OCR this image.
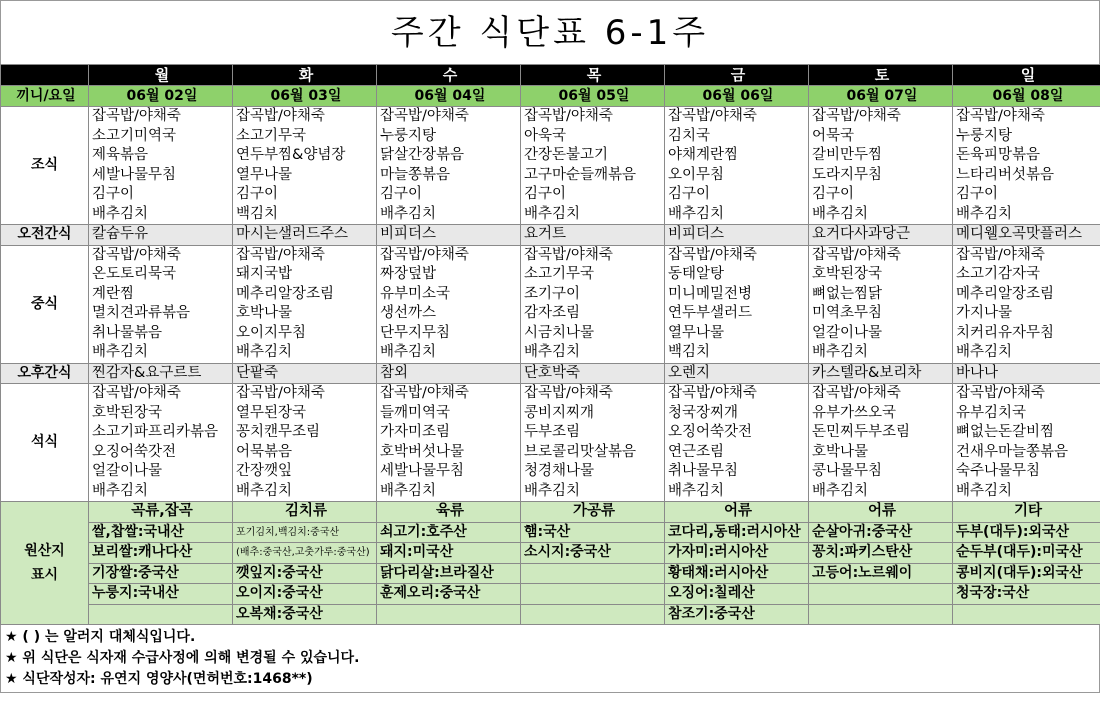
주간 식단표 6-1주
	월	화	수	목	금	토	일
끼니/요일	06월 02일	06월 03일	06월 04일	06월 05일	06월 06일	06월 07일	06월 08일
조식	잡곡밥/야채죽	잡곡밥/야채죽	잡곡밥/야채죽	잡곡밥/야채죽	잡곡밥/야채죽	잡곡밥/야채죽	잡곡밥/야채죽
	소고기미역국	소고기무국	누룽지탕	아욱국	김치국	어묵국	누룽지탕
	제육볶음	연두부찜&양념장	닭살간장볶음	간장돈불고기	야채계란찜	갈비만두찜	돈육피망볶음
	세발나물무침	열무나물	마늘쫑볶음	고구마순들깨볶음	오이무침	도라지무침	느타리버섯볶음
	김구이	김구이	김구이	김구이	김구이	김구이	김구이
	배추김치	백김치	배추김치	배추김치	배추김치	배추김치	배추김치
오전간식	칼슘두유	마시는샐러드주스	비피더스	요거트	비피더스	요거다사과당근	메디웰오곡맛플러스
중식	잡곡밥/야채죽	잡곡밥/야채죽	잡곡밥/야채죽	잡곡밥/야채죽	잡곡밥/야채죽	잡곡밥/야채죽	잡곡밥/야채죽
	온도토리묵국	돼지국밥	짜장덮밥	소고기무국	동태알탕	호박된장국	소고기감자국
	계란찜	메추리알장조림	유부미소국	조기구이	미니메밀전병	뼈없는찜닭	메추리알장조림
	멸치견과류볶음	호박나물	생선까스	감자조림	연두부샐러드	미역초무침	가지나물
	취나물볶음	오이지무침	단무지무침	시금치나물	열무나물	얼갈이나물	치커리유자무침
	배추김치	배추김치	배추김치	배추김치	백김치	배추김치	배추김치
오후간식	찐감자&요구르트	단팥죽	참외	단호박죽	오렌지	카스텔라&보리차	바나나
석식	잡곡밥/야채죽	잡곡밥/야채죽	잡곡밥/야채죽	잡곡밥/야채죽	잡곡밥/야채죽	잡곡밥/야채죽	잡곡밥/야채죽
	호박된장국	열무된장국	들깨미역국	콩비지찌개	청국장찌개	유부가쓰오국	유부김치국
	소고기파프리카볶음	꽁치캔무조림	가자미조림	두부조림	오징어쑥갓전	돈민찌두부조림	뼈없는돈갈비찜
	오징어쑥갓전	어묵볶음	호박버섯나물	브로콜리맛살볶음	연근조림	호박나물	건새우마늘쫑볶음
	얼갈이나물	간장깻잎	세발나물무침	청경채나물	취나물무침	콩나물무침	숙주나물무침
	배추김치	배추김치	배추김치	배추김치	배추김치	배추김치	배추김치

원산지
표시	곡류,잡곡	김치류	육류	가공류	어류	어류	기타
	쌀,찹쌀:국내산	포기김치,백김치:중국산	쇠고기:호주산	햄:국산	코다리,동태:러시아산	순살아귀:중국산	두부(대두):외국산
	보리쌀:캐나다산	(배추:중국산,고춧가루:중국산)	돼지:미국산	소시지:중국산	가자미:러시아산	꽁치:파키스탄산	순두부(대두):미국산
	기장쌀:중국산	깻잎지:중국산	닭다리살:브라질산		황태채:러시아산	고등어:노르웨이	콩비지(대두):외국산
	누룽지:국내산	오이지:중국산	훈제오리:중국산		오징어:칠레산		청국장:국산
		오복채:중국산			참조기:중국산		
★ ( ) 는 알러지 대체식입니다.
★ 위 식단은 식자재 수급사정에 의해 변경될 수 있습니다.
★ 식단작성자: 유연지 영양사(면허번호:1468**)
